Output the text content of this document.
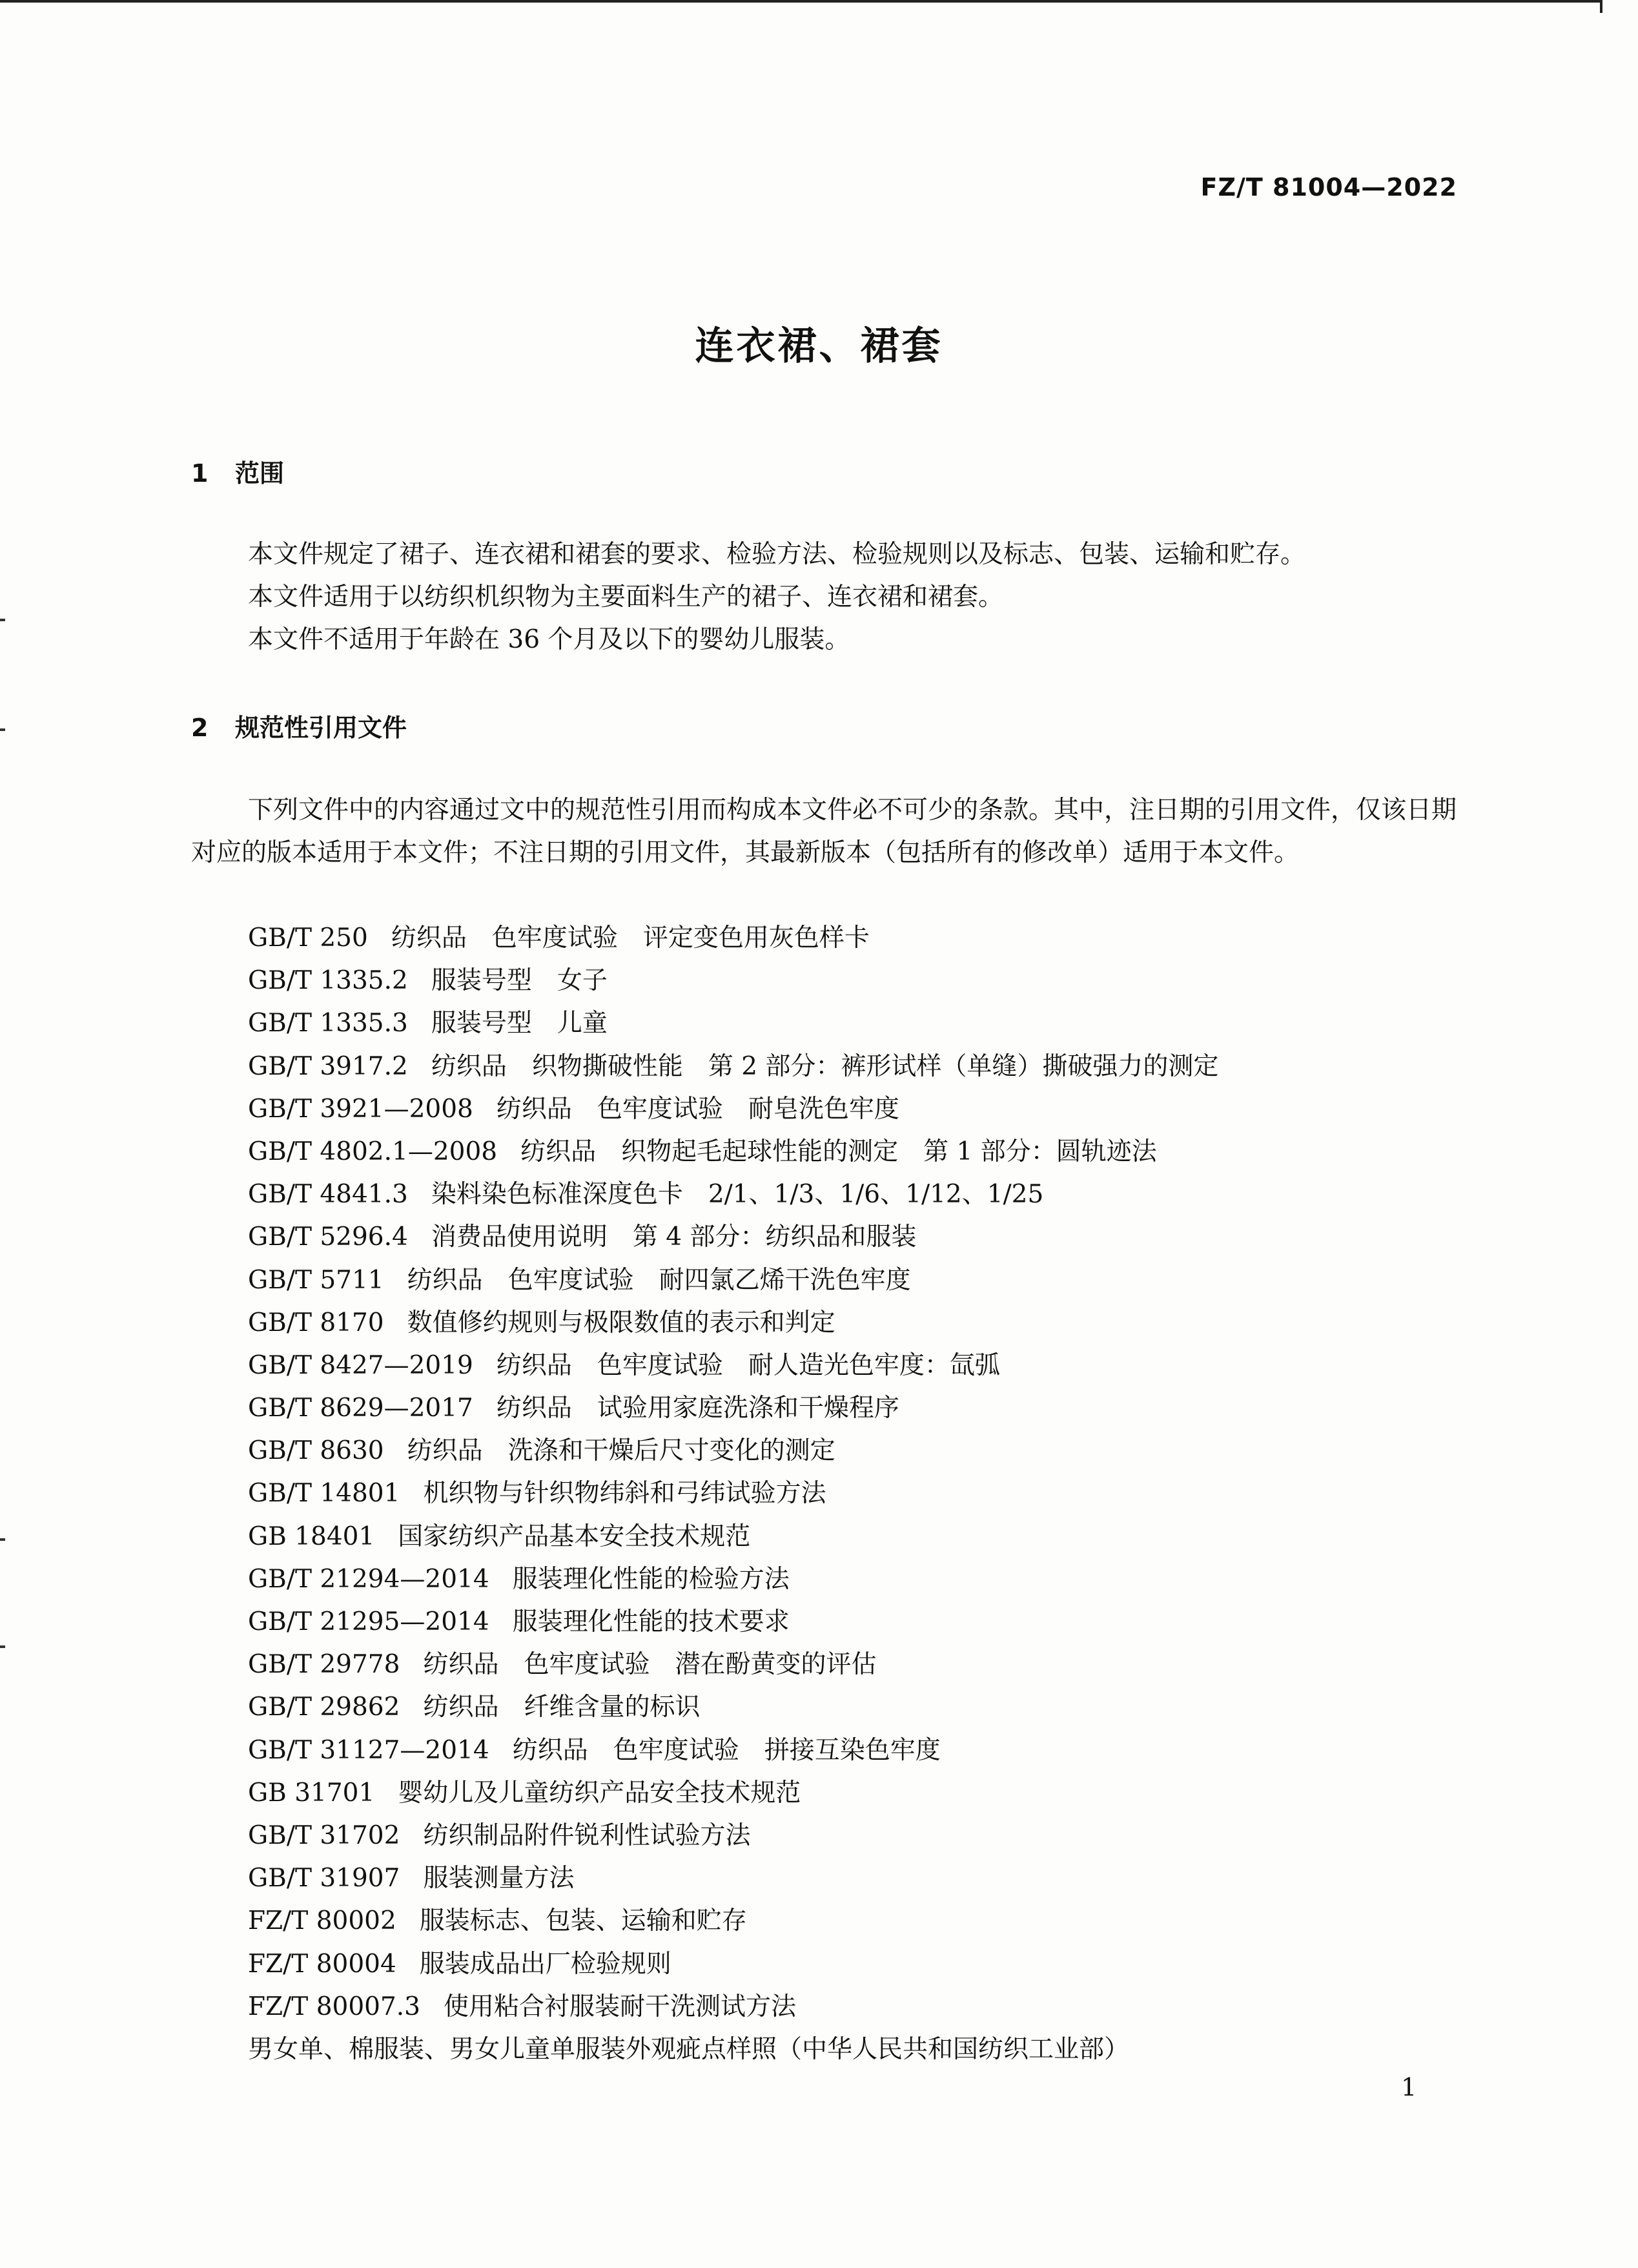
FZ/T 81004—2022
连衣裙、裙套
1 范围
本文件规定了裙子、连衣裙和裙套的要求、检验方法、检验规则以及标志、包装、运输和贮存。
本文件适用于以纺织机织物为主要面料生产的裙子、连衣裙和裙套。
本文件不适用于年龄在 36 个月及以下的婴幼儿服装。
2 规范性引用文件
下列文件中的内容通过文中的规范性引用而构成本文件必不可少的条款。其中，注日期的引用文件，仅该日期对应的版本适用于本文件；不注日期的引用文件，其最新版本（包括所有的修改单）适用于本文件。
GB/T 250 纺织品　色牢度试验　评定变色用灰色样卡
GB/T 1335.2 服装号型　女子
GB/T 1335.3 服装号型　儿童
GB/T 3917.2 纺织品　织物撕破性能　第 2 部分：裤形试样（单缝）撕破强力的测定
GB/T 3921—2008 纺织品　色牢度试验　耐皂洗色牢度
GB/T 4802.1—2008 纺织品　织物起毛起球性能的测定　第 1 部分：圆轨迹法
GB/T 4841.3 染料染色标准深度色卡　2/1、1/3、1/6、1/12、1/25
GB/T 5296.4 消费品使用说明　第 4 部分：纺织品和服装
GB/T 5711 纺织品　色牢度试验　耐四氯乙烯干洗色牢度
GB/T 8170 数值修约规则与极限数值的表示和判定
GB/T 8427—2019 纺织品　色牢度试验　耐人造光色牢度：氙弧
GB/T 8629—2017 纺织品　试验用家庭洗涤和干燥程序
GB/T 8630 纺织品　洗涤和干燥后尺寸变化的测定
GB/T 14801 机织物与针织物纬斜和弓纬试验方法
GB 18401 国家纺织产品基本安全技术规范
GB/T 21294—2014 服装理化性能的检验方法
GB/T 21295—2014 服装理化性能的技术要求
GB/T 29778 纺织品　色牢度试验　潜在酚黄变的评估
GB/T 29862 纺织品　纤维含量的标识
GB/T 31127—2014 纺织品　色牢度试验　拼接互染色牢度
GB 31701 婴幼儿及儿童纺织产品安全技术规范
GB/T 31702 纺织制品附件锐利性试验方法
GB/T 31907 服装测量方法
FZ/T 80002 服装标志、包装、运输和贮存
FZ/T 80004 服装成品出厂检验规则
FZ/T 80007.3 使用粘合衬服装耐干洗测试方法
男女单、棉服装、男女儿童单服装外观疵点样照（中华人民共和国纺织工业部）
1
